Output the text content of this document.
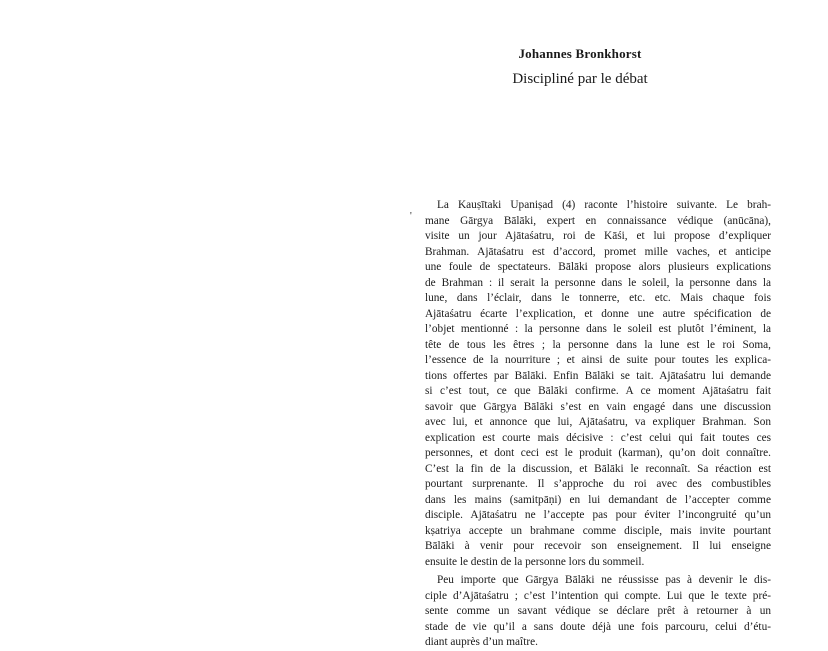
Johannes Bronkhorst
Discipliné par le débat
'

La Kauṣītaki Upaniṣad (4) raconte l’histoire suivante. Le brah-
mane Gārgya Bālāki, expert en connaissance védique (anūcāna),
visite un jour Ajātaśatru, roi de Kāśi, et lui propose d’expliquer
Brahman. Ajātaśatru est d’accord, promet mille vaches, et anticipe
une foule de spectateurs. Bālāki propose alors plusieurs explications
de Brahman : il serait la personne dans le soleil, la personne dans la
lune, dans l’éclair, dans le tonnerre, etc. etc. Mais chaque fois
Ajātaśatru écarte l’explication, et donne une autre spécification de
l’objet mentionné : la personne dans le soleil est plutôt l’éminent, la
tête de tous les êtres ; la personne dans la lune est le roi Soma,
l’essence de la nourriture ; et ainsi de suite pour toutes les explica-
tions offertes par Bālāki. Enfin Bālāki se tait. Ajātaśatru lui demande
si c’est tout, ce que Bālāki confirme. A ce moment Ajātaśatru fait
savoir que Gārgya Bālāki s’est en vain engagé dans une discussion
avec lui, et annonce que lui, Ajātaśatru, va expliquer Brahman. Son
explication est courte mais décisive : c’est celui qui fait toutes ces
personnes, et dont ceci est le produit (karman), qu’on doit connaître.
C’est la fin de la discussion, et Bālāki le reconnaît. Sa réaction est
pourtant surprenante. Il s’approche du roi avec des combustibles
dans les mains (samitpāṇi) en lui demandant de l’accepter comme
disciple. Ajātaśatru ne l’accepte pas pour éviter l’incongruité qu’un
kṣatriya accepte un brahmane comme disciple, mais invite pourtant
Bālāki à venir pour recevoir son enseignement. Il lui enseigne
ensuite le destin de la personne lors du sommeil.

Peu importe que Gārgya Bālāki ne réussisse pas à devenir le dis-
ciple d’Ajātaśatru ; c’est l’intention qui compte. Lui que le texte pré-
sente comme un savant védique se déclare prêt à retourner à un
stade de vie qu’il a sans doute déjà une fois parcouru, celui d’étu-
diant auprès d’un maître.
